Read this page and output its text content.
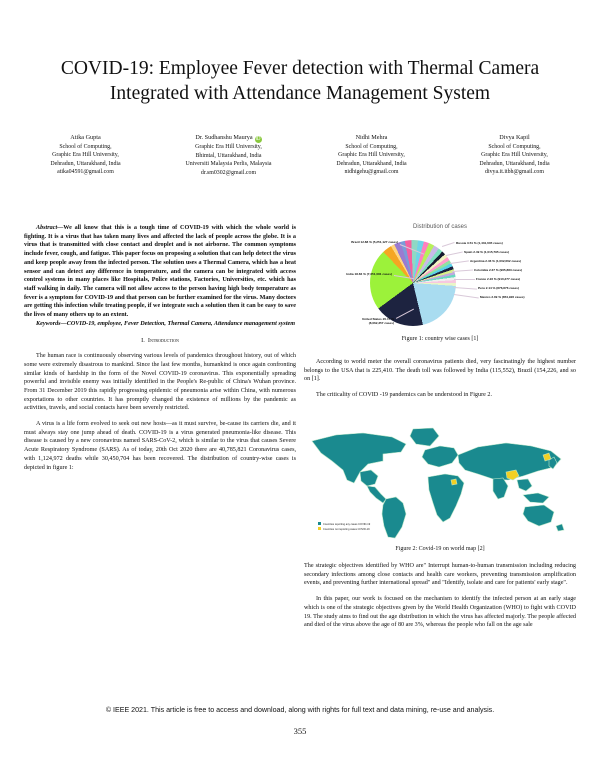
COVID-19: Employee Fever detection with Thermal Camera Integrated with Attendance Management System
Atika Gupta
School of Computing,
Graphic Era Hill University,
Dehradun, Uttarakhand, India
atika04591@gmail.com
Dr. Sudhanshu Maurya iD
Graphic Era Hill University,
Bhimtal, Uttarakhand, India
Universiti Malaysia Perlis, Malaysia
dr.sm0302@gmail.com
Nidhi Mehra
School of Computing,
Graphic Era Hill University,
Dehradun, Uttarakhand, India
nidhigehu@gmail.com
Divya Kapil
School of Computing,
Graphic Era Hill University,
Dehradun, Uttarakhand, India
divya.it.itbh@gmail.com

Abstract—We all know that this is a tough time of COVID-19 with which the whole world is fighting. It is a virus that has taken many lives and affected the lack of people across the globe. It is a virus that is transmitted with close contact and droplet and is not airborne. The common symptoms include fever, cough, and fatigue. This paper focus on proposing a solution that can help detect the virus and keep people away from the infected person. The solution uses a Thermal Camera, which has a heat sensor and can detect any difference in temperature, and the camera can be integrated with access control systems in many places like Hospitals, Police stations, Factories, Universities, etc. which has staff walking in daily. The camera will not allow access to the person having high body temperature as fever is a symptom for COVID-19 and that person can be further examined for the virus. Many doctors are getting this infection while treating people, if we integrate such a solution then it can be easy to save the lives of many others up to an extent.

Keywords—COVID-19, employee, Fever Detection, Thermal Camera, Attendance management system

I. Introduction

The human race is continuously observing various levels of pandemics throughout history, out of which some were extremely disastrous to mankind. Since the last few months, humankind is once again confronting similar kinds of hardship in the form of the Novel COVID-19 coronavirus. This exponentially spreading powerful and invisible enemy was initially identified in the People's Re-public of China's Wuhan province. From 31 December 2019 this rapidly progressing epidemic of pneumonia arise within China, with numerous exportations to other countries. It has promptly changed the existence of millions by the pandemic as activities, travels, and social contacts have been severely restricted.

A virus is a life form evolved to seek out new hosts—as it must survive, be-cause its carriers die, and it must always stay one jump ahead of death. COVID-19 is a virus generated pneumonia-like disease. This disease is caused by a new coronavirus named SARS-CoV-2, which is similar to the virus that causes Severe Acute Respiratory Syndrome (SARS). As of today, 20th Oct 2020 there are 40,785,821 Coronavirus cases, with 1,124,972 deaths while 30,450,704 has been recovered. The distribution of country-wise cases is depicted in figure 1:

Distribution of cases
Brazil 12.88 % (5,251,127 cases)
India 18.66 % (7,651,081 cases)
United States 20.17 %
(8,062,357 cases)
Russia 3.51 % (1,431,635 cases)
Spain 2.49 % (1,015,795 cases)
Argentina 2.46 % (1,002,662 cases)
Colombia 2.37 % (965,883 cases)
France 2.23 % (910,277 cases)
Peru 2.14 % (876,876 cases)
Mexico 2.09 % (854,926 cases)
Figure 1: country wise cases [1]

According to world meter the overall coronavirus patients died, very fascinatingly the highest number belongs to the USA that is 225,410. The death toll was followed by India (115,552), Brazil (154,226, and so on [1].

The criticality of COVID -19 pandemics can be understood in Figure 2.

Countries reporting any cases COVID-19
Countries not reporting cases COVID-19
Figure 2: Covid-19 on world map [2]

The strategic objectives identified by WHO are" Interrupt human-to-human transmission including reducing secondary infections among close contacts and health care workers, preventing transmission amplification events, and preventing further international spread" and "Identify, isolate and care for patients' early stage".

In this paper, our work is focused on the mechanism to identify the infected person at an early stage which is one of the strategic objectives given by the World Health Organization (WHO) to fight with COVID 19. The study aims to find out the age distribution in which the virus has affected majorly. The people affected and died of the virus above the age of 80 are 3%, whereas the people who fall on the age sale

© IEEE 2021. This article is free to access and download, along with rights for full text and data mining, re-use and analysis.
355
